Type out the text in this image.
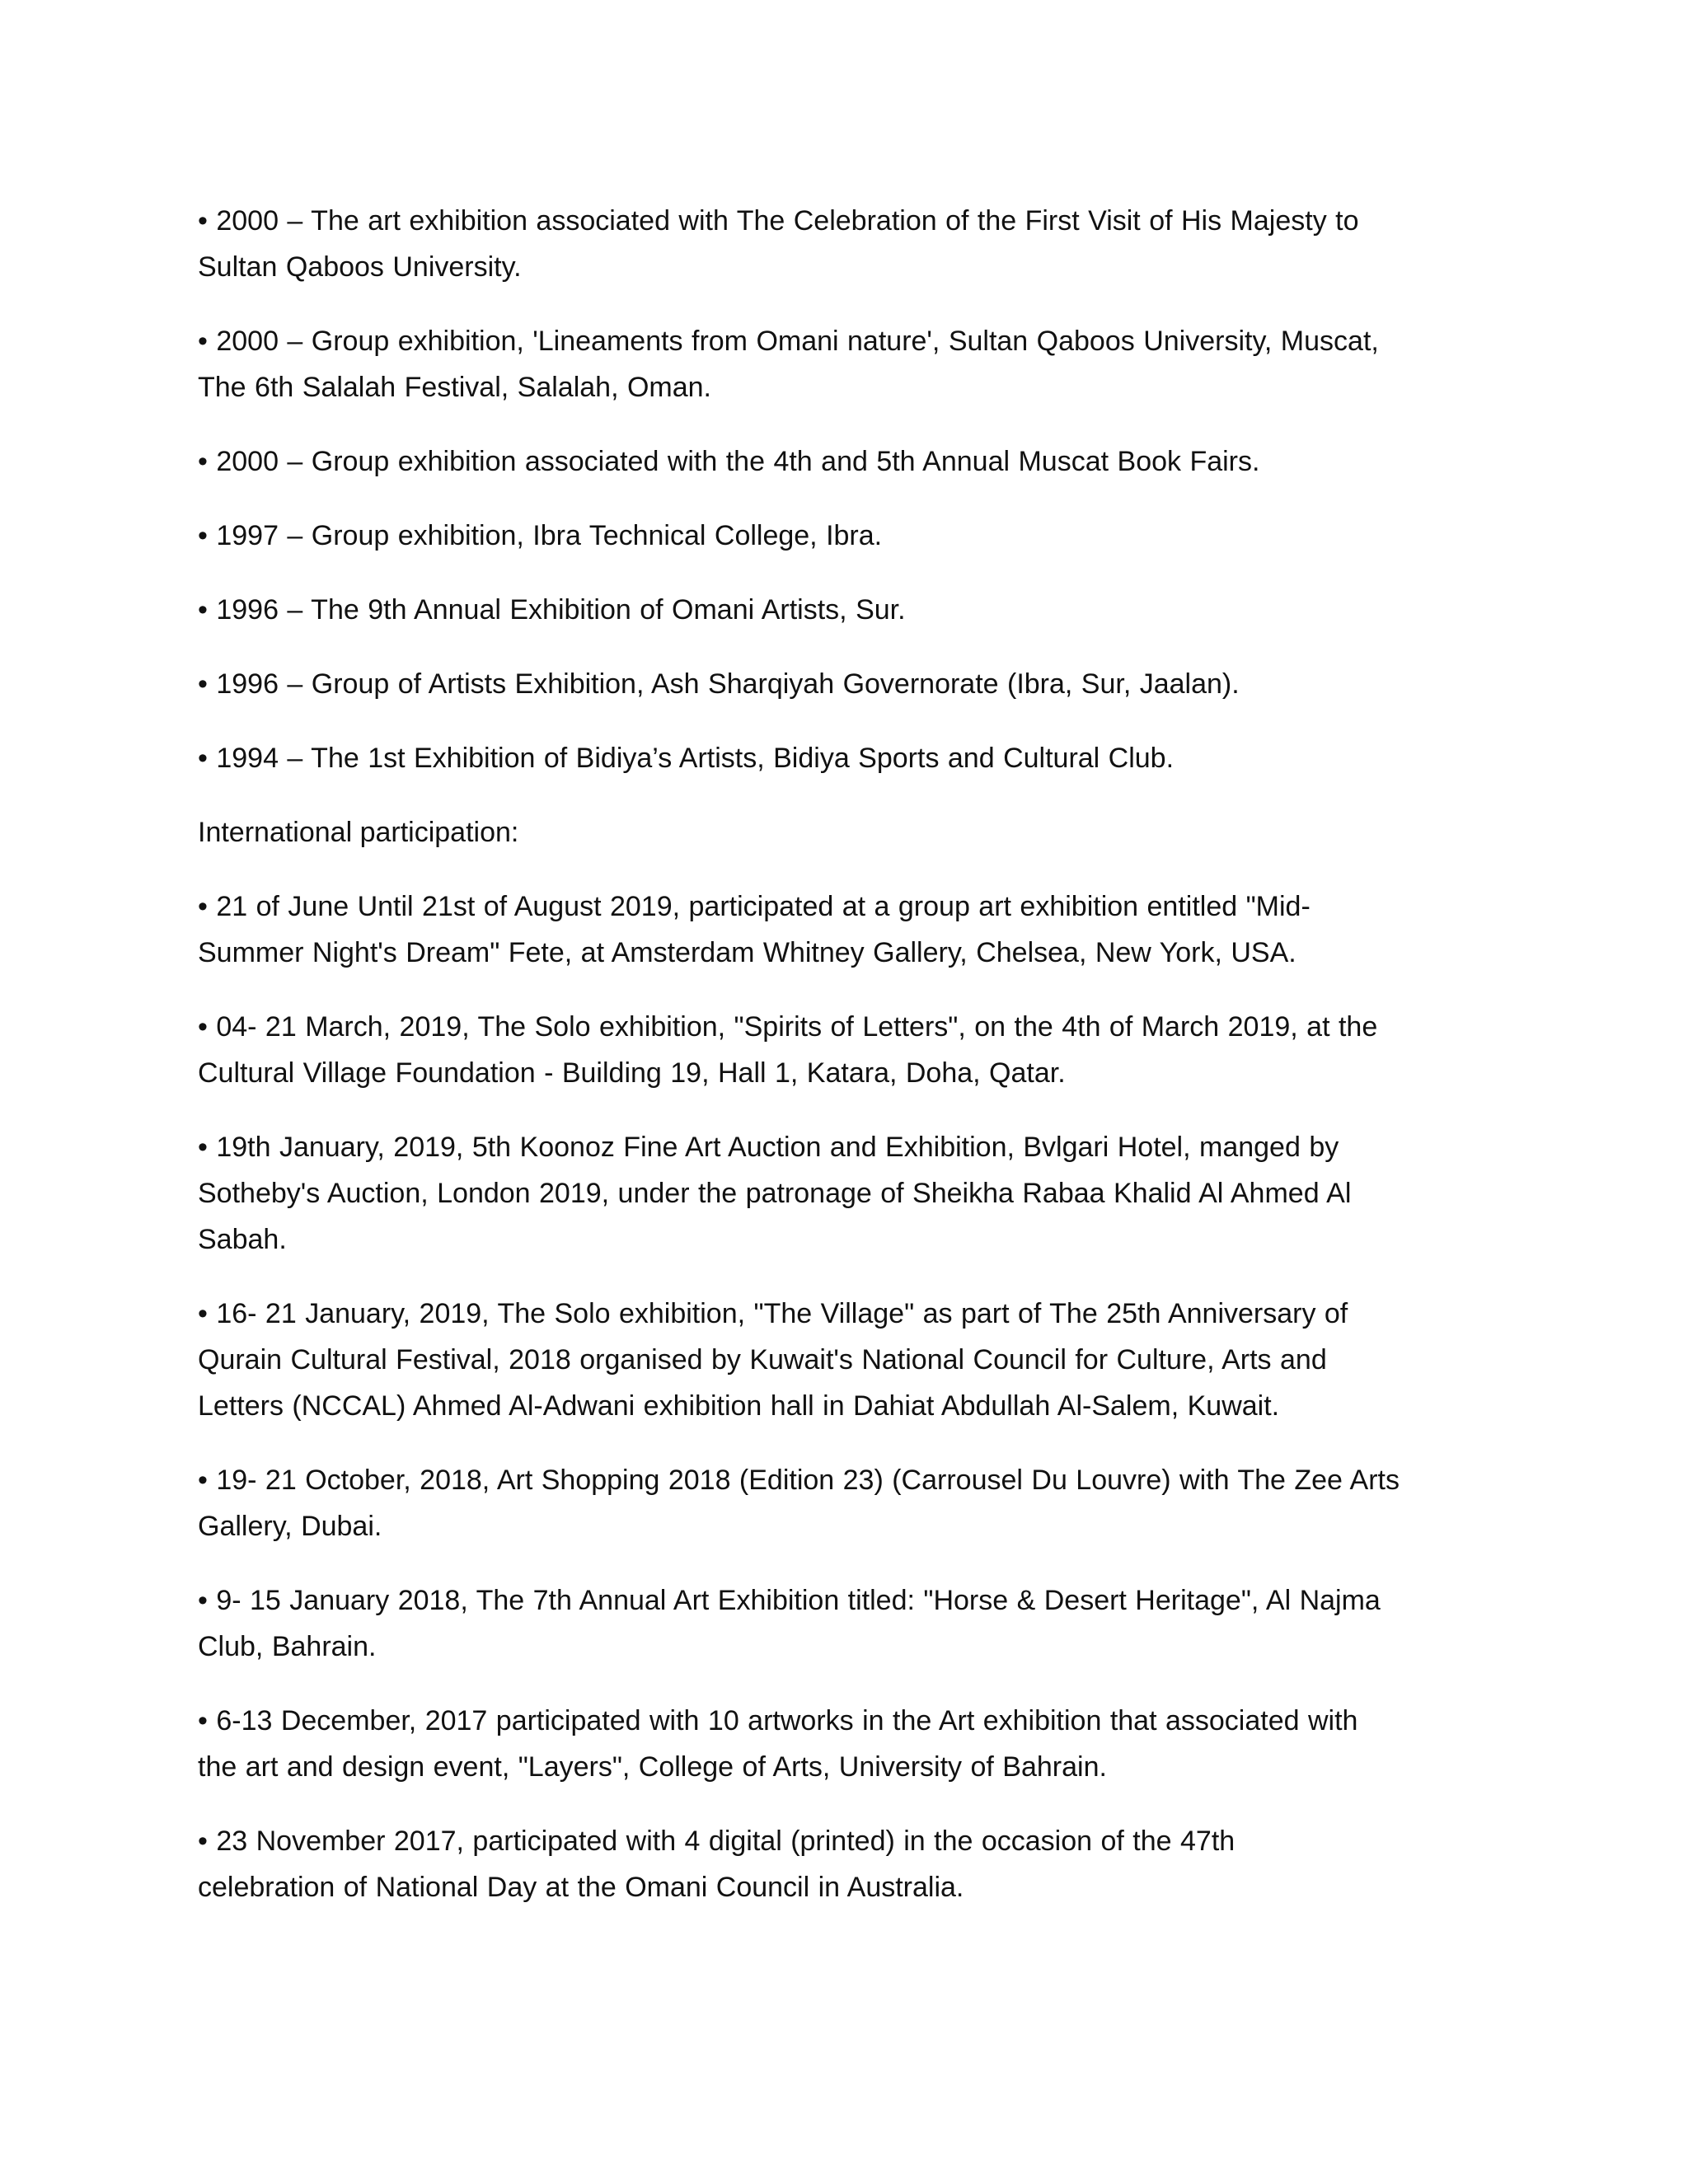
• 2000 – The art exhibition associated with The Celebration of the First Visit of His Majesty to
Sultan Qaboos University.
• 2000 – Group exhibition, 'Lineaments from Omani nature', Sultan Qaboos University, Muscat,
The 6th Salalah Festival, Salalah, Oman.
• 2000 – Group exhibition associated with the 4th and 5th Annual Muscat Book Fairs.
• 1997 – Group exhibition, Ibra Technical College, Ibra.
• 1996 – The 9th Annual Exhibition of Omani Artists, Sur.
• 1996 – Group of Artists Exhibition, Ash Sharqiyah Governorate (Ibra, Sur, Jaalan).
• 1994 – The 1st Exhibition of Bidiya’s Artists, Bidiya Sports and Cultural Club.
International participation:
• 21 of June Until 21st of August 2019, participated at a group art exhibition entitled "Mid-
Summer Night's Dream" Fete, at Amsterdam Whitney Gallery, Chelsea, New York, USA.
• 04- 21 March, 2019, The Solo exhibition, "Spirits of Letters", on the 4th of March 2019, at the
Cultural Village Foundation - Building 19, Hall 1, Katara, Doha, Qatar.
• 19th January, 2019, 5th Koonoz Fine Art Auction and Exhibition, Bvlgari Hotel, manged by
Sotheby's Auction, London 2019, under the patronage of Sheikha Rabaa Khalid Al Ahmed Al
Sabah.
• 16- 21 January, 2019, The Solo exhibition, "The Village" as part of The 25th Anniversary of
Qurain Cultural Festival, 2018 organised by Kuwait's National Council for Culture, Arts and
Letters (NCCAL) Ahmed Al-Adwani exhibition hall in Dahiat Abdullah Al-Salem, Kuwait.
• 19- 21 October, 2018, Art Shopping 2018 (Edition 23) (Carrousel Du Louvre) with The Zee Arts
Gallery, Dubai.
• 9- 15 January 2018, The 7th Annual Art Exhibition titled: "Horse & Desert Heritage", Al Najma
Club, Bahrain.
• 6-13 December, 2017 participated with 10 artworks in the Art exhibition that associated with
the art and design event, "Layers", College of Arts, University of Bahrain.
• 23 November 2017, participated with 4 digital (printed) in the occasion of the 47th
celebration of National Day at the Omani Council in Australia.
